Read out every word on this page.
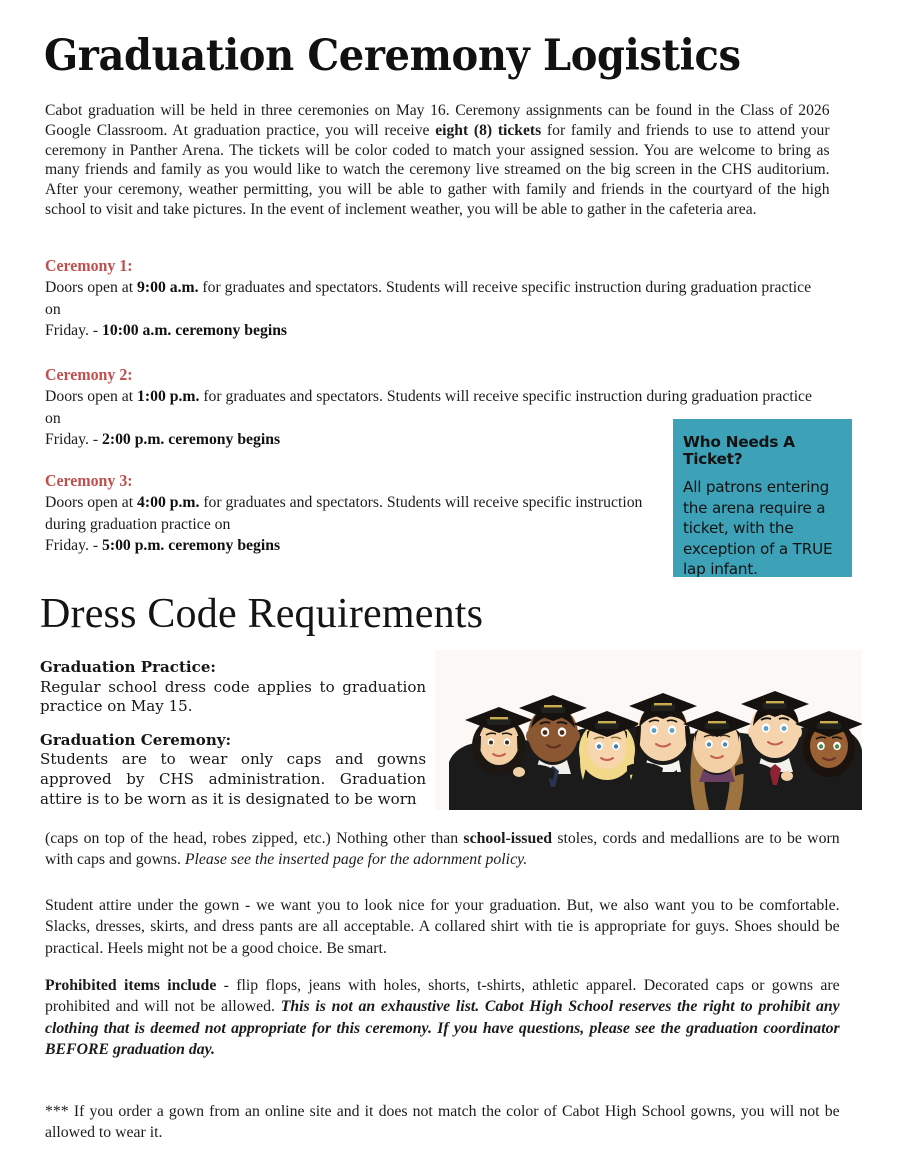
Graduation Ceremony Logistics
Cabot graduation will be held in three ceremonies on May 16. Ceremony assignments can be found in the Class of 2026 Google Classroom. At graduation practice, you will receive eight (8) tickets for family and friends to use to attend your ceremony in Panther Arena. The tickets will be color coded to match your assigned session. You are welcome to bring as many friends and family as you would like to watch the ceremony live streamed on the big screen in the CHS auditorium. After your ceremony, weather permitting, you will be able to gather with family and friends in the courtyard of the high school to visit and take pictures. In the event of inclement weather, you will be able to gather in the cafeteria area.
Ceremony 1:
Doors open at 9:00 a.m. for graduates and spectators. Students will receive specific instruction during graduation practice on
Friday. - 10:00 a.m. ceremony begins
Ceremony 2:
Doors open at 1:00 p.m. for graduates and spectators. Students will receive specific instruction during graduation practice on
Friday. - 2:00 p.m. ceremony begins
Ceremony 3:
Doors open at 4:00 p.m. for graduates and spectators. Students will receive specific instruction during graduation practice on
Friday. - 5:00 p.m. ceremony begins
Who Needs A Ticket?
All patrons entering the arena require a ticket, with the exception of a TRUE lap infant.
Dress Code Requirements
Graduation Practice:
Regular school dress code applies to graduation practice on May 15.
Graduation Ceremony:
Students are to wear only caps and gowns approved by CHS administration. Graduation attire is to be worn as it is designated to be worn
(caps on top of the head, robes zipped, etc.) Nothing other than school-issued stoles, cords and medallions are to be worn with caps and gowns. Please see the inserted page for the adornment policy.
Student attire under the gown - we want you to look nice for your graduation. But, we also want you to be comfortable. Slacks, dresses, skirts, and dress pants are all acceptable. A collared shirt with tie is appropriate for guys. Shoes should be practical. Heels might not be a good choice. Be smart.
Prohibited items include - flip flops, jeans with holes, shorts, t-shirts, athletic apparel. Decorated caps or gowns are prohibited and will not be allowed. This is not an exhaustive list. Cabot High School reserves the right to prohibit any clothing that is deemed not appropriate for this ceremony. If you have questions, please see the graduation coordinator BEFORE graduation day.
*** If you order a gown from an online site and it does not match the color of Cabot High School gowns, you will not be allowed to wear it.
